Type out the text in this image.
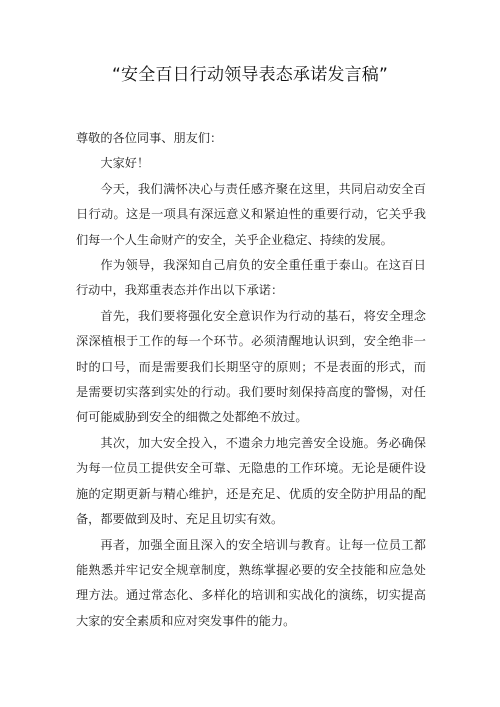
“安全百日行动领导表态承诺发言稿”

尊敬的各位同事、朋友们：

大家好！

今天，我们满怀决心与责任感齐聚在这里，共同启动安全百日行动。这是一项具有深远意义和紧迫性的重要行动，它关乎我们每一个人生命财产的安全，关乎企业稳定、持续的发展。

作为领导，我深知自己肩负的安全重任重于泰山。在这百日行动中，我郑重表态并作出以下承诺：

首先，我们要将强化安全意识作为行动的基石，将安全理念深深植根于工作的每一个环节。必须清醒地认识到，安全绝非一时的口号，而是需要我们长期坚守的原则；不是表面的形式，而是需要切实落到实处的行动。我们要时刻保持高度的警惕，对任何可能威胁到安全的细微之处都绝不放过。

其次，加大安全投入，不遗余力地完善安全设施。务必确保为每一位员工提供安全可靠、无隐患的工作环境。无论是硬件设施的定期更新与精心维护，还是充足、优质的安全防护用品的配备，都要做到及时、充足且切实有效。

再者，加强全面且深入的安全培训与教育。让每一位员工都能熟悉并牢记安全规章制度，熟练掌握必要的安全技能和应急处理方法。通过常态化、多样化的培训和实战化的演练，切实提高大家的安全素质和应对突发事件的能力。
